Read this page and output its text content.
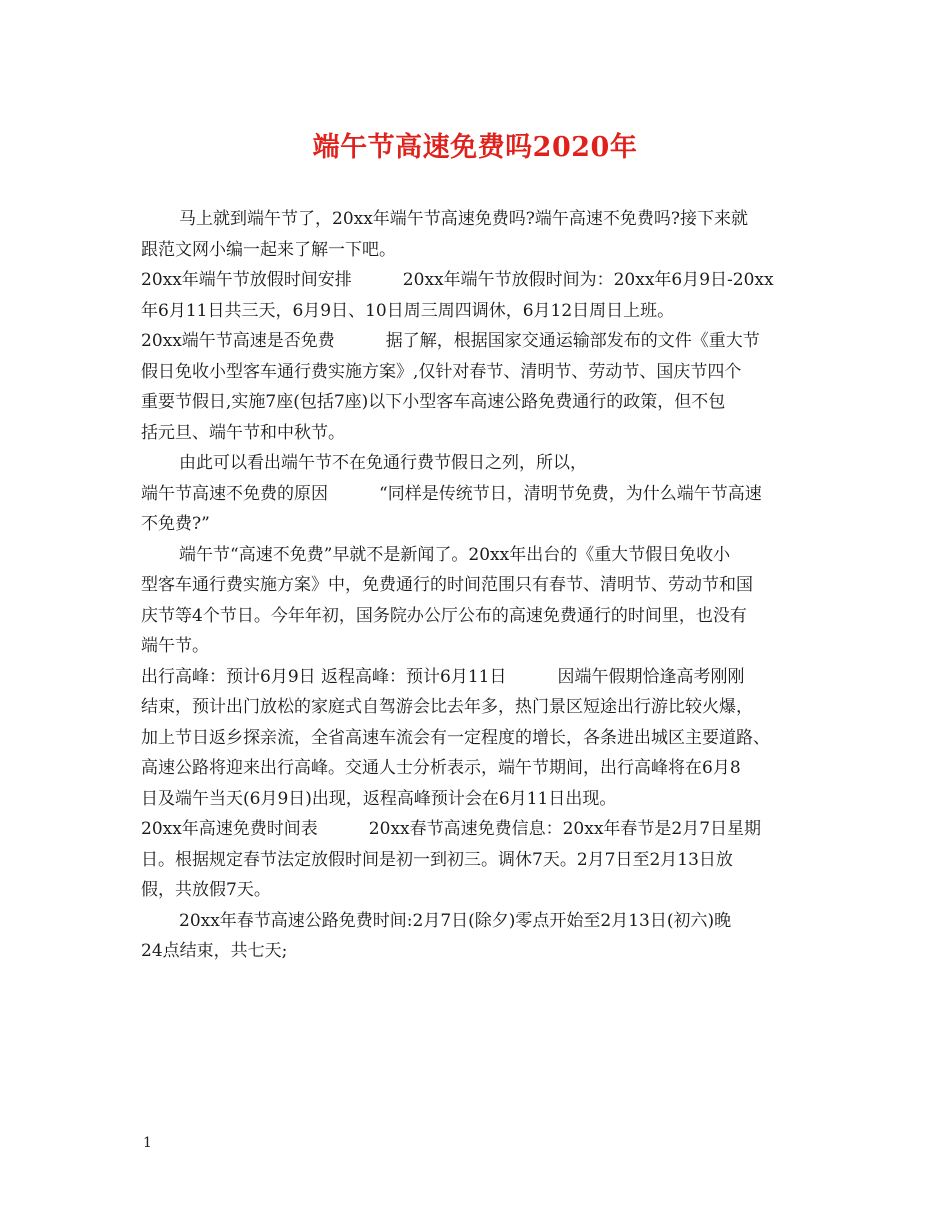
端午节高速免费吗2020年
马上就到端午节了，20xx年端午节高速免费吗?端午高速不免费吗?接下来就
跟范文网小编一起来了解一下吧。
20xx年端午节放假时间安排　　　20xx年端午节放假时间为：20xx年6月9日-20xx
年6月11日共三天，6月9日、10日周三周四调休，6月12日周日上班。
20xx端午节高速是否免费　　　据了解，根据国家交通运输部发布的文件《重大节
假日免收小型客车通行费实施方案》,仅针对春节、清明节、劳动节、国庆节四个
重要节假日,实施7座(包括7座)以下小型客车高速公路免费通行的政策，但不包
括元旦、端午节和中秋节。
由此可以看出端午节不在免通行费节假日之列，所以，
端午节高速不免费的原因　　　“同样是传统节日，清明节免费，为什么端午节高速
不免费?”
端午节“高速不免费”早就不是新闻了。20xx年出台的《重大节假日免收小
型客车通行费实施方案》中，免费通行的时间范围只有春节、清明节、劳动节和国
庆节等4个节日。今年年初，国务院办公厅公布的高速免费通行的时间里，也没有
端午节。
出行高峰：预计6月9日 返程高峰：预计6月11日　　　因端午假期恰逢高考刚刚
结束，预计出门放松的家庭式自驾游会比去年多，热门景区短途出行游比较火爆，
加上节日返乡探亲流，全省高速车流会有一定程度的增长，各条进出城区主要道路、
高速公路将迎来出行高峰。交通人士分析表示，端午节期间，出行高峰将在6月8
日及端午当天(6月9日)出现，返程高峰预计会在6月11日出现。
20xx年高速免费时间表　　　20xx春节高速免费信息：20xx年春节是2月7日星期
日。根据规定春节法定放假时间是初一到初三。调休7天。2月7日至2月13日放
假，共放假7天。
20xx年春节高速公路免费时间:2月7日(除夕)零点开始至2月13日(初六)晚
24点结束，共七天;
1
